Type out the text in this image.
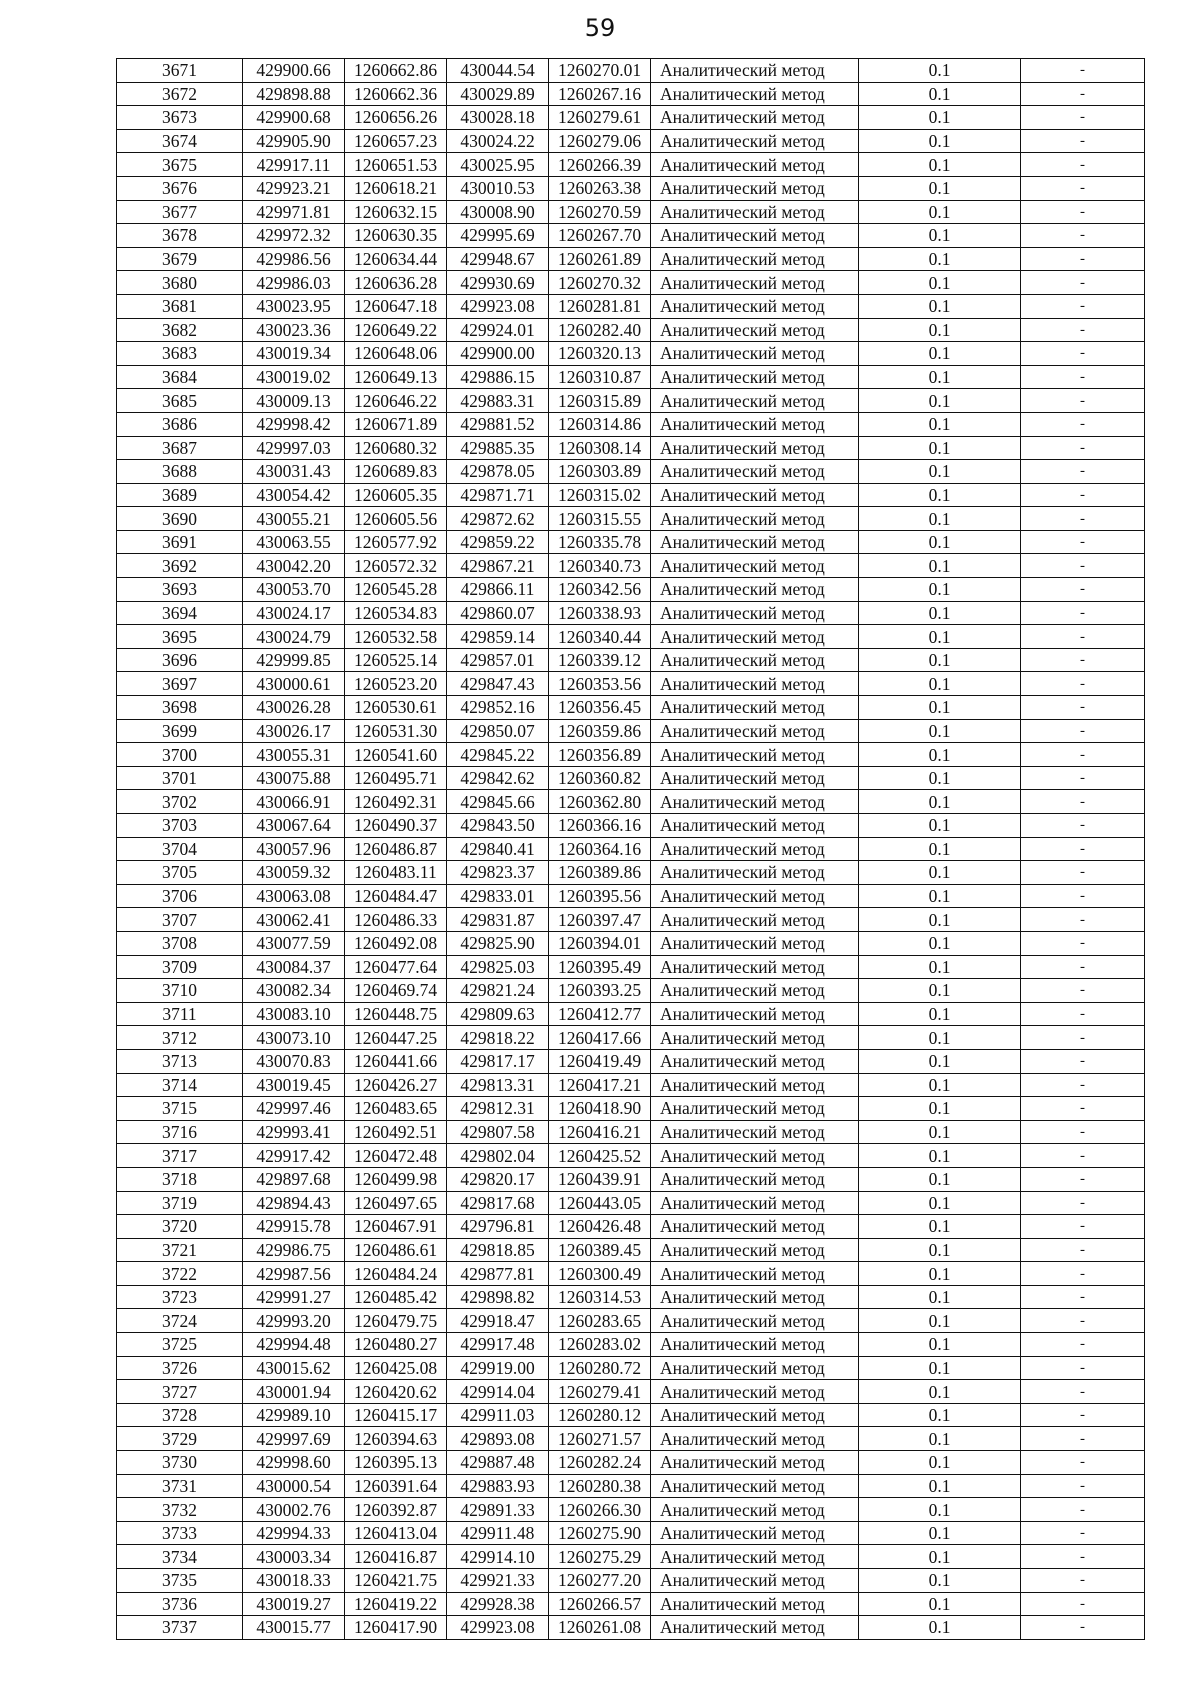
59
3671	429900.66	1260662.86	430044.54	1260270.01	Аналитический метод	0.1	-
3672	429898.88	1260662.36	430029.89	1260267.16	Аналитический метод	0.1	-
3673	429900.68	1260656.26	430028.18	1260279.61	Аналитический метод	0.1	-
3674	429905.90	1260657.23	430024.22	1260279.06	Аналитический метод	0.1	-
3675	429917.11	1260651.53	430025.95	1260266.39	Аналитический метод	0.1	-
3676	429923.21	1260618.21	430010.53	1260263.38	Аналитический метод	0.1	-
3677	429971.81	1260632.15	430008.90	1260270.59	Аналитический метод	0.1	-
3678	429972.32	1260630.35	429995.69	1260267.70	Аналитический метод	0.1	-
3679	429986.56	1260634.44	429948.67	1260261.89	Аналитический метод	0.1	-
3680	429986.03	1260636.28	429930.69	1260270.32	Аналитический метод	0.1	-
3681	430023.95	1260647.18	429923.08	1260281.81	Аналитический метод	0.1	-
3682	430023.36	1260649.22	429924.01	1260282.40	Аналитический метод	0.1	-
3683	430019.34	1260648.06	429900.00	1260320.13	Аналитический метод	0.1	-
3684	430019.02	1260649.13	429886.15	1260310.87	Аналитический метод	0.1	-
3685	430009.13	1260646.22	429883.31	1260315.89	Аналитический метод	0.1	-
3686	429998.42	1260671.89	429881.52	1260314.86	Аналитический метод	0.1	-
3687	429997.03	1260680.32	429885.35	1260308.14	Аналитический метод	0.1	-
3688	430031.43	1260689.83	429878.05	1260303.89	Аналитический метод	0.1	-
3689	430054.42	1260605.35	429871.71	1260315.02	Аналитический метод	0.1	-
3690	430055.21	1260605.56	429872.62	1260315.55	Аналитический метод	0.1	-
3691	430063.55	1260577.92	429859.22	1260335.78	Аналитический метод	0.1	-
3692	430042.20	1260572.32	429867.21	1260340.73	Аналитический метод	0.1	-
3693	430053.70	1260545.28	429866.11	1260342.56	Аналитический метод	0.1	-
3694	430024.17	1260534.83	429860.07	1260338.93	Аналитический метод	0.1	-
3695	430024.79	1260532.58	429859.14	1260340.44	Аналитический метод	0.1	-
3696	429999.85	1260525.14	429857.01	1260339.12	Аналитический метод	0.1	-
3697	430000.61	1260523.20	429847.43	1260353.56	Аналитический метод	0.1	-
3698	430026.28	1260530.61	429852.16	1260356.45	Аналитический метод	0.1	-
3699	430026.17	1260531.30	429850.07	1260359.86	Аналитический метод	0.1	-
3700	430055.31	1260541.60	429845.22	1260356.89	Аналитический метод	0.1	-
3701	430075.88	1260495.71	429842.62	1260360.82	Аналитический метод	0.1	-
3702	430066.91	1260492.31	429845.66	1260362.80	Аналитический метод	0.1	-
3703	430067.64	1260490.37	429843.50	1260366.16	Аналитический метод	0.1	-
3704	430057.96	1260486.87	429840.41	1260364.16	Аналитический метод	0.1	-
3705	430059.32	1260483.11	429823.37	1260389.86	Аналитический метод	0.1	-
3706	430063.08	1260484.47	429833.01	1260395.56	Аналитический метод	0.1	-
3707	430062.41	1260486.33	429831.87	1260397.47	Аналитический метод	0.1	-
3708	430077.59	1260492.08	429825.90	1260394.01	Аналитический метод	0.1	-
3709	430084.37	1260477.64	429825.03	1260395.49	Аналитический метод	0.1	-
3710	430082.34	1260469.74	429821.24	1260393.25	Аналитический метод	0.1	-
3711	430083.10	1260448.75	429809.63	1260412.77	Аналитический метод	0.1	-
3712	430073.10	1260447.25	429818.22	1260417.66	Аналитический метод	0.1	-
3713	430070.83	1260441.66	429817.17	1260419.49	Аналитический метод	0.1	-
3714	430019.45	1260426.27	429813.31	1260417.21	Аналитический метод	0.1	-
3715	429997.46	1260483.65	429812.31	1260418.90	Аналитический метод	0.1	-
3716	429993.41	1260492.51	429807.58	1260416.21	Аналитический метод	0.1	-
3717	429917.42	1260472.48	429802.04	1260425.52	Аналитический метод	0.1	-
3718	429897.68	1260499.98	429820.17	1260439.91	Аналитический метод	0.1	-
3719	429894.43	1260497.65	429817.68	1260443.05	Аналитический метод	0.1	-
3720	429915.78	1260467.91	429796.81	1260426.48	Аналитический метод	0.1	-
3721	429986.75	1260486.61	429818.85	1260389.45	Аналитический метод	0.1	-
3722	429987.56	1260484.24	429877.81	1260300.49	Аналитический метод	0.1	-
3723	429991.27	1260485.42	429898.82	1260314.53	Аналитический метод	0.1	-
3724	429993.20	1260479.75	429918.47	1260283.65	Аналитический метод	0.1	-
3725	429994.48	1260480.27	429917.48	1260283.02	Аналитический метод	0.1	-
3726	430015.62	1260425.08	429919.00	1260280.72	Аналитический метод	0.1	-
3727	430001.94	1260420.62	429914.04	1260279.41	Аналитический метод	0.1	-
3728	429989.10	1260415.17	429911.03	1260280.12	Аналитический метод	0.1	-
3729	429997.69	1260394.63	429893.08	1260271.57	Аналитический метод	0.1	-
3730	429998.60	1260395.13	429887.48	1260282.24	Аналитический метод	0.1	-
3731	430000.54	1260391.64	429883.93	1260280.38	Аналитический метод	0.1	-
3732	430002.76	1260392.87	429891.33	1260266.30	Аналитический метод	0.1	-
3733	429994.33	1260413.04	429911.48	1260275.90	Аналитический метод	0.1	-
3734	430003.34	1260416.87	429914.10	1260275.29	Аналитический метод	0.1	-
3735	430018.33	1260421.75	429921.33	1260277.20	Аналитический метод	0.1	-
3736	430019.27	1260419.22	429928.38	1260266.57	Аналитический метод	0.1	-
3737	430015.77	1260417.90	429923.08	1260261.08	Аналитический метод	0.1	-
